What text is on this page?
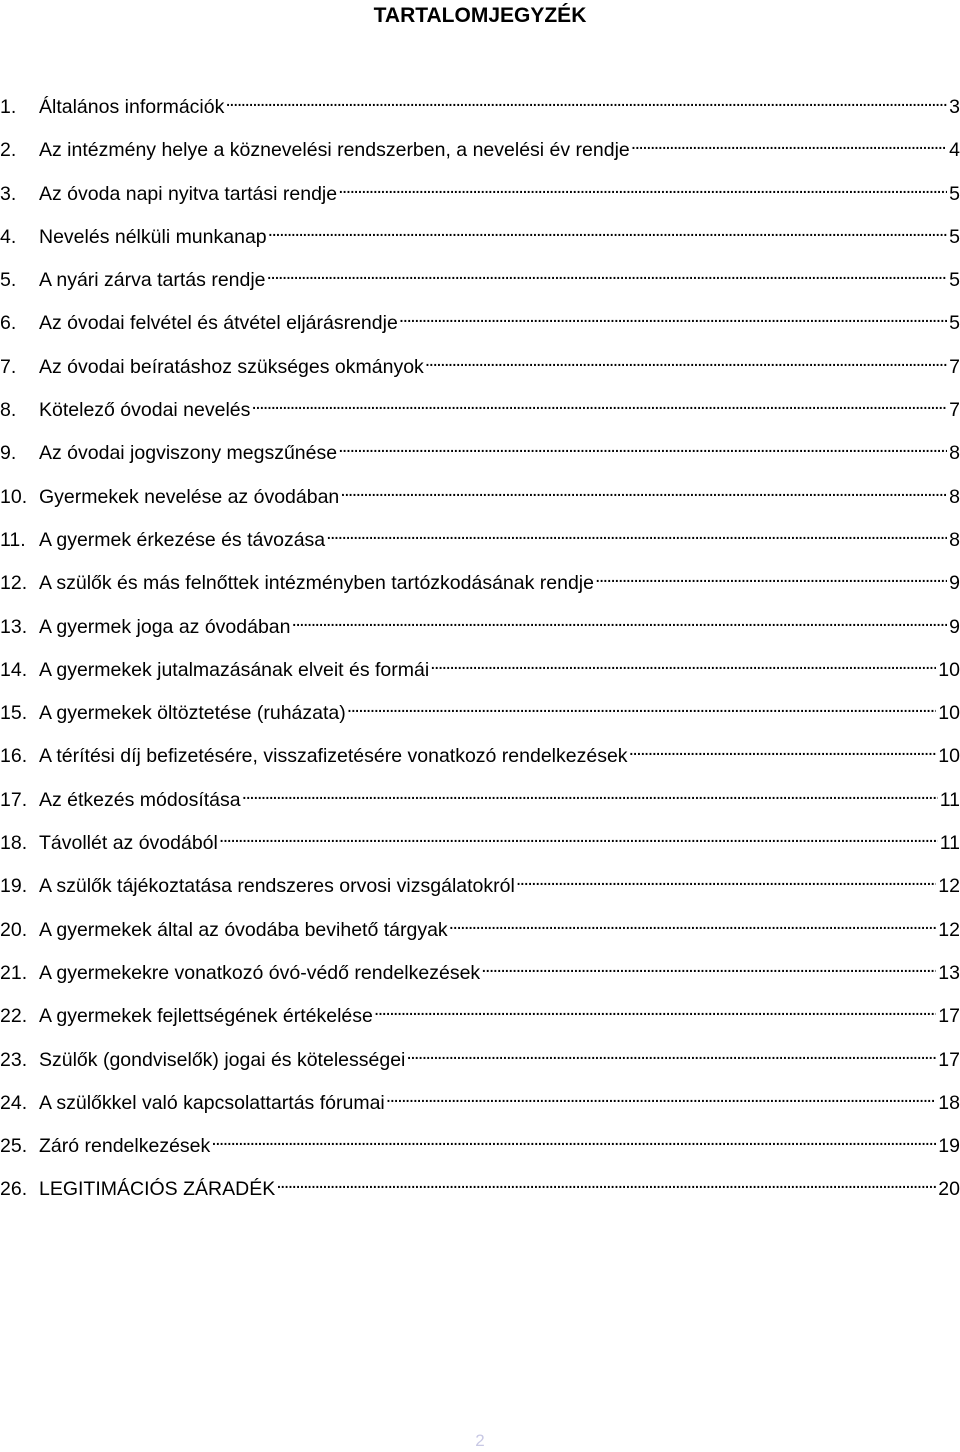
TARTALOMJEGYZÉK
1.	Általános információk . . .	3
2.	Az intézmény helye a köznevelési rendszerben, a nevelési év rendje . . .	4
3.	Az óvoda napi nyitva tartási rendje . . .	5
4.	Nevelés nélküli munkanap . . .	5
5.	A nyári zárva tartás rendje . . .	5
6.	Az óvodai felvétel és átvétel eljárásrendje . . .	5
7.	Az óvodai beíratáshoz szükséges okmányok . . .	7
8.	Kötelező óvodai nevelés . . .	7
9.	Az óvodai jogviszony megszűnése . . .	8
10. Gyermekek nevelése az óvodában . . .	8
11. A gyermek érkezése és távozása . . .	8
12. A szülők és más felnőttek intézményben tartózkodásának rendje . . .	9
13. A gyermek joga az óvodában . . .	9
14. A gyermekek jutalmazásának elveit és formái . . .	10
15. A gyermekek öltöztetése (ruházata) . . .	10
16. A térítési díj befizetésére, visszafizetésére vonatkozó rendelkezések . . .	10
17. Az étkezés módosítása . . .	11
18. Távollét az óvodából . . .	11
19. A szülők tájékoztatása rendszeres orvosi vizsgálatokról . . .	12
20. A gyermekek által az óvodába bevihető tárgyak . . .	12
21. A gyermekekre vonatkozó óvó-védő rendelkezések . . .	13
22. A gyermekek fejlettségének értékelése . . .	17
23. Szülők (gondviselők) jogai és kötelességei . . .	17
24. A szülőkkel való kapcsolattartás fórumai . . .	18
25. Záró rendelkezések . . .	19
26. LEGITIMÁCIÓS ZÁRADÉK . . .	20
2
